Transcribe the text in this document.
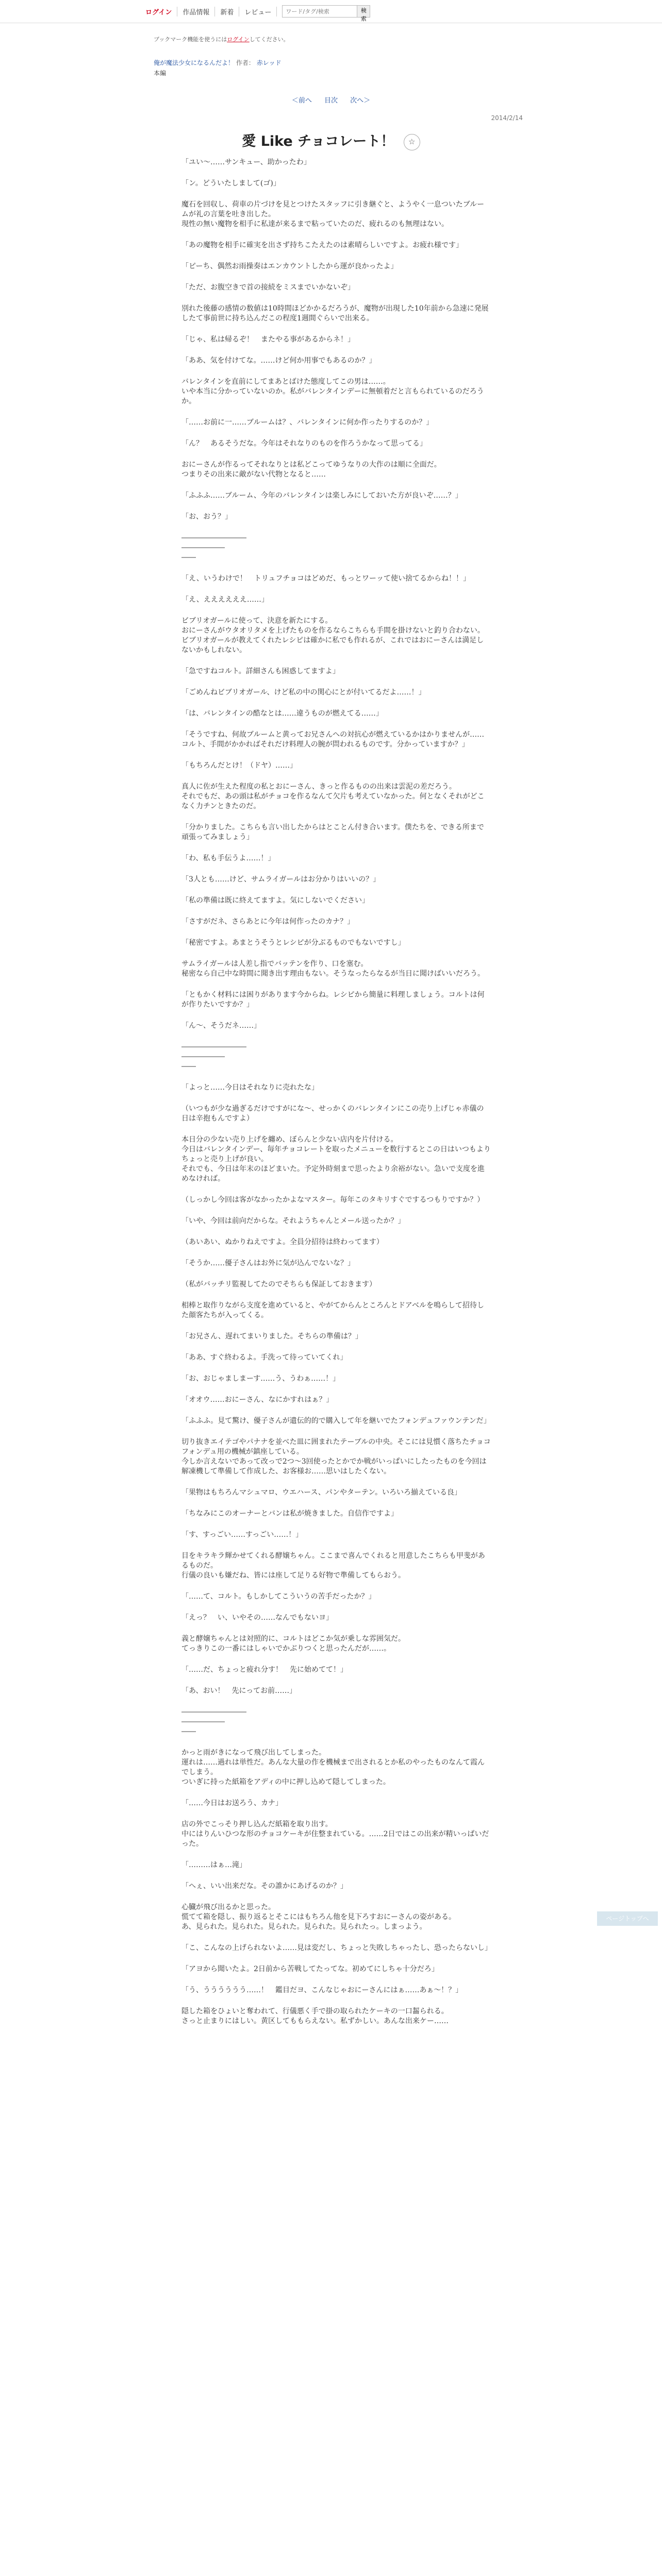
ログイン	作品情報	新着	レビュー
ワード/タグ/検索	検索
ブックマーク機能を使うにはログインしてください。
俺が魔法少女になるんだよ！ 作者： 赤レッド
本編
＜前へ 目次 次へ＞
2014/2/14
愛 Like チョコレート！ ☆

「ユい～……サンキュー、助かったわ」

「ン。どういたしまして(ゴ)」

魔石を回収し、荷車の片づけを見とつけたスタッフに引き継ぐと、ようやく一息ついたブルームが礼の言葉を吐き出した。
現性の無い魔物を相手に私達が来るまで粘っていたのだ、疲れるのも無理はない。

「あの魔物を相手に確実を出さず持ちこたえたのは素晴らしいですよ。お疲れ様です」

「ピーち、偶然お雨操奏はエンカウントしたから運が良かったよ」

「ただ、お腹空きで首の接続をミスまでいかないぞ」

別れた後藤の感情の数値は10時間ほどかかるだろうが、魔物が出現した10年前から急速に発展したて事前世に持ち込んだこの程度1週間ぐらいで出来る。

「じゃ、私は帰るぞ！　またやる事があるからネ！」

「ああ、気を付けてな。……けど何か用事でもあるのか？」

バレンタインを直前にしてまあとばけた態度してこの男は……。
いや本当に分かっていないのか。私がバレンタインデーに無頓着だと言もられているのだろうか。

「……お前に一……ブルームは？、バレンタインに何か作ったりするのか？」

「ん？　あるそうだな。今年はそれなりのものを作ろうかなって思ってる」

おにーさんが作るってそれなりとは私どこってゆうなりの大作のは順に全面だ。
つまりその出来に敵がない代物となると……

「ふふふ……ブルーム、今年のバレンタインは楽しみにしておいた方が良いぞ……？」

「お、おう？」

―――――――――
――――――
――

「え、いうわけで！　トリュフチョコはどめだ、もっとワーッて使い捨てるからね！！」

「え、ええええええ……」

ビブリオガールに使って、決意を新たにする。
おにーさんがウタオリタメを上げたものを作るならこちらも手間を掛けないと釣り合わない。
ビブリオガールが教えてくれたレシピは確かに私でも作れるが、これではおにーさんは満足しないかもしれない。

「急ですねコルト。詳細さんも困惑してますよ」

「ごめんねビブリオガール、けど私の中の関心にとが付いてるだよ……！」

「は、バレンタインの酷なとは……違うものが燃えてる……」

「そうですね、何故ブルームと黄ってお兄さんへの対抗心が燃えているかはかりませんが……コルト、手間がかかればそれだけ料理人の腕が問われるものです。分かっていますか？」

「もちろんだとけ！（ドヤ）……」

真人に佐が生えた程度の私とおにーさん、きっと作るものの出来は雲泥の差だろう。
それでもだ、あの頭は私がチョコを作るなんて欠片も考えていなかった。何となくそれがどこなく力チンときたのだ。

「分かりました。こちらも言い出したからはとことん付き合います。僕たちを、できる所まで頑張ってみましょう」

「わ、私も手伝うよ……！」

「3人とも……けど、サムライガールはお分かりはいいの？」

「私の準備は既に終えてますよ。気にしないでください」

「さすがだネ、さらあとに今年は何作ったのカナ？」

「秘密ですよ。あまとうそうとレシピが分ぶるものでもないですし」

サムライガールは人差し指でバッテンを作り、口を塞む。
秘密なら自己中な時間に聞き出す理由もない。そうなったらなるが当日に聞けばいいだろう。

「ともかく材料には困りがあります今からね。レシピから簡量に料理しましょう。コルトは何が作りたいですか？」

「ん～、そうだネ……」

―――――――――
――――――
――

「よっと……今日はそれなりに売れたな」

（いつもが少な過ぎるだけですがにな～、せっかくのバレンタインにこの売り上げじゃ赤儀の日は辛抱もんですよ）

本日分の少ない売り上げを纏め、ぼらんと少ない店内を片付ける。
今日はバレンタインデー、毎年チョコレートを取ったメニューを数行するとこの日はいつもよりちょっと売り上げが良い。
それでも、今日は年末のほどまいた。予定外時刻まで思ったより余裕がない。急いで支度を進めなければ。

（しっかし今回は客がなかったかよなマスター。毎年このタキリすぐでするつもりですか？）

「いや、今回は前向だからな。それようちゃんとメール送ったか？」

（あいあい、ぬかりねえですよ。全員分招待は終わってます）

「そうか……優子さんはお外に気が込んでないな？」

（私がバッチリ監視してたのでそちらも保証しておきます）

相棒と取作りながら支度を進めていると、やがてからんところんとドアベルを鳴らして招待した顔客たちが入ってくる。

「お兄さん、遅れてまいりました。そちらの準備は？」

「ああ、すぐ終わるよ。手洗って待っていてくれ」

「お、おじゃましまーす……う、うわぁ……！」

「オオウ……おにーさん、なにかすれはぁ？」

「ふふふ。見て驚け、優子さんが遺伝的的で購入して年を継いでたフォンデュファウンテンだ」

切り抜きエイテゴやパナナを並べた皿に囲まれたテーブルの中央。そこには見慣く落ちたチョコフォンデュ用の機械が鎮座している。
今しか言えないであって改っで2つ～3回使ったとかでか戦がいっぱいにしたったものを今回は解凍機して準備して作成した、お客様お……思いはしたくない。

「果物はもちろんマシュマロ、ウエハース、パンやターテン。いろいろ揃えている良」

「ちなみにこのオーナーとバンは私が焼きました。自信作ですよ」

「す、すっごい……すっごい……！」

目をキラキラ輝かせてくれる酵嬢ちゃん。ここまで喜んでくれると用意したこちらも甲斐があるものだ。
行儀の良いも嫌だね、皆には座して足りる好物で準備してもらおう。

「……て、コルト。もしかしてこういうの苦手だったか？」

「えっ？　い、いやその……なんでもないヨ」

義と酵嬢ちゃんとは対照的に、コルトはどこか気が乗しな雰囲気だ。
てっきりこの一番にはしゃいでかぶりつくと思ったんだが……。

「……だ、ちょっと疲れ分す！　先に始めてて！」

「あ、おい！　先にってお前……」

―――――――――
――――――
――

かっと雨がきになって飛び出してしまった。
運れは……過れは単性だ。あんな大量の作を機械まで出されるとか私のやったものなんて霞んでしまう。
ついぎに持った紙箱をアディの中に押し込めて隠してしまった。

「……今日はお送ろう、カナ」

店の外でこっそり押し込んだ紙箱を取り出す。
中にはりんいひつな形のチョコケーキが住整まれている。……2日ではこの出来が精いっぱいだった。

「………はぁ…滝」

「へぇ、いい出来だな。その誰かにあげるのか？」

心臓が飛び出るかと思った。
慌てて箱を隠し、振り返るとそこにはもちろん他を見下ろすおにーさんの姿がある。
あ、見られた。見られた。見られた。見られた。見られたっ。しまっよう。

「こ、こんなの上げられないよ……見は変だし、ちょっと失敗しちゃったし、恐ったらないし」

「アヨから聞いたよ。2日前から苦戦してたってな。初めてにしちゃ十分だろ」

「う、うううううう……！　鑑目だヨ、こんなじゃおにーさんにはぁ……あぁ～！？」

隠した箱をひょいと奪われて、行儀悪く手で掛の取られたケーキの一口齧られる。
さっと止まりにはしい。黄区してももらえない。私ずかしい。あんな出来ケー……

ページトップへ
